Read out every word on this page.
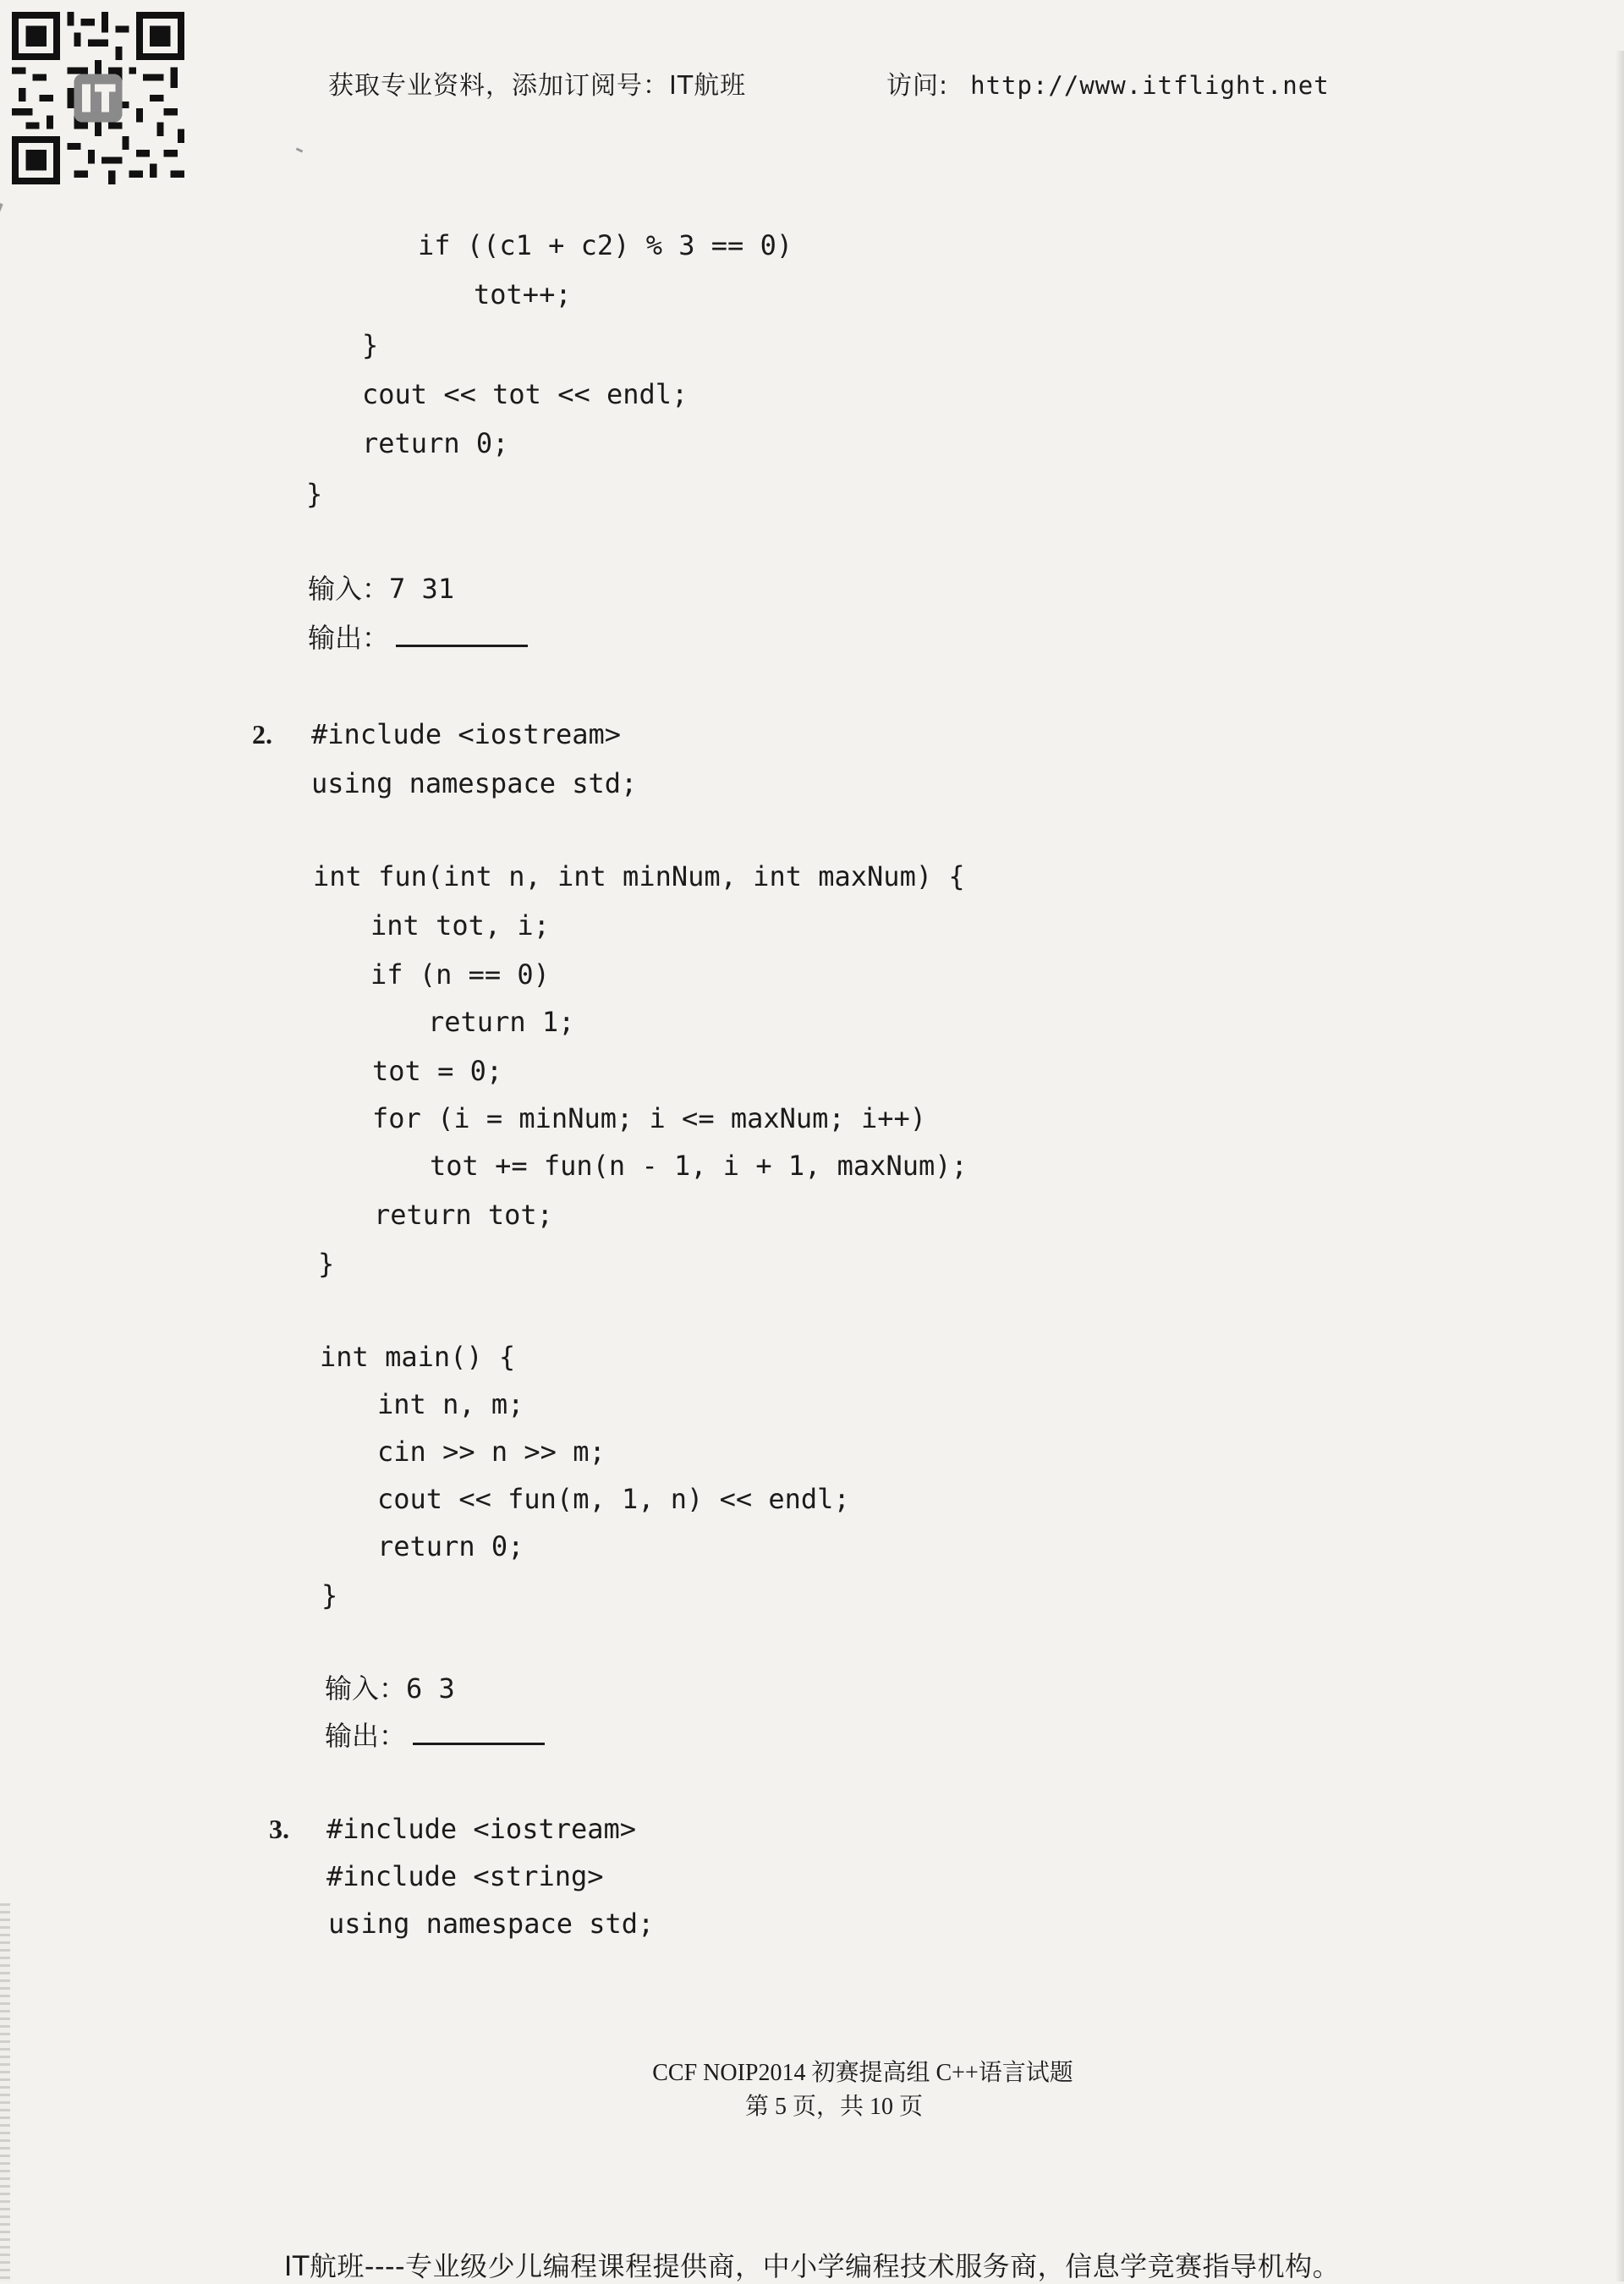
获取专业资料，添加订阅号：IT航班	访问: http://www.itflight.net
if ((c1 + c2) % 3 == 0)
tot++;
}
cout << tot << endl;
return 0;
}
输入：7 31
输出：
2. #include <iostream>
using namespace std;
int fun(int n, int minNum, int maxNum) {
int tot, i;
if (n == 0)
return 1;
tot = 0;
for (i = minNum; i <= maxNum; i++)
tot += fun(n - 1, i + 1, maxNum);
return tot;
}
int main() {
int n, m;
cin >> n >> m;
cout << fun(m, 1, n) << endl;
return 0;
}
输入：6 3
输出：
3. #include <iostream>
#include <string>
using namespace std;
CCF NOIP2014 初赛提高组 C++语言试题
第 5 页，共 10 页
IT航班----专业级少儿编程课程提供商，中小学编程技术服务商，信息学竞赛指导机构。
